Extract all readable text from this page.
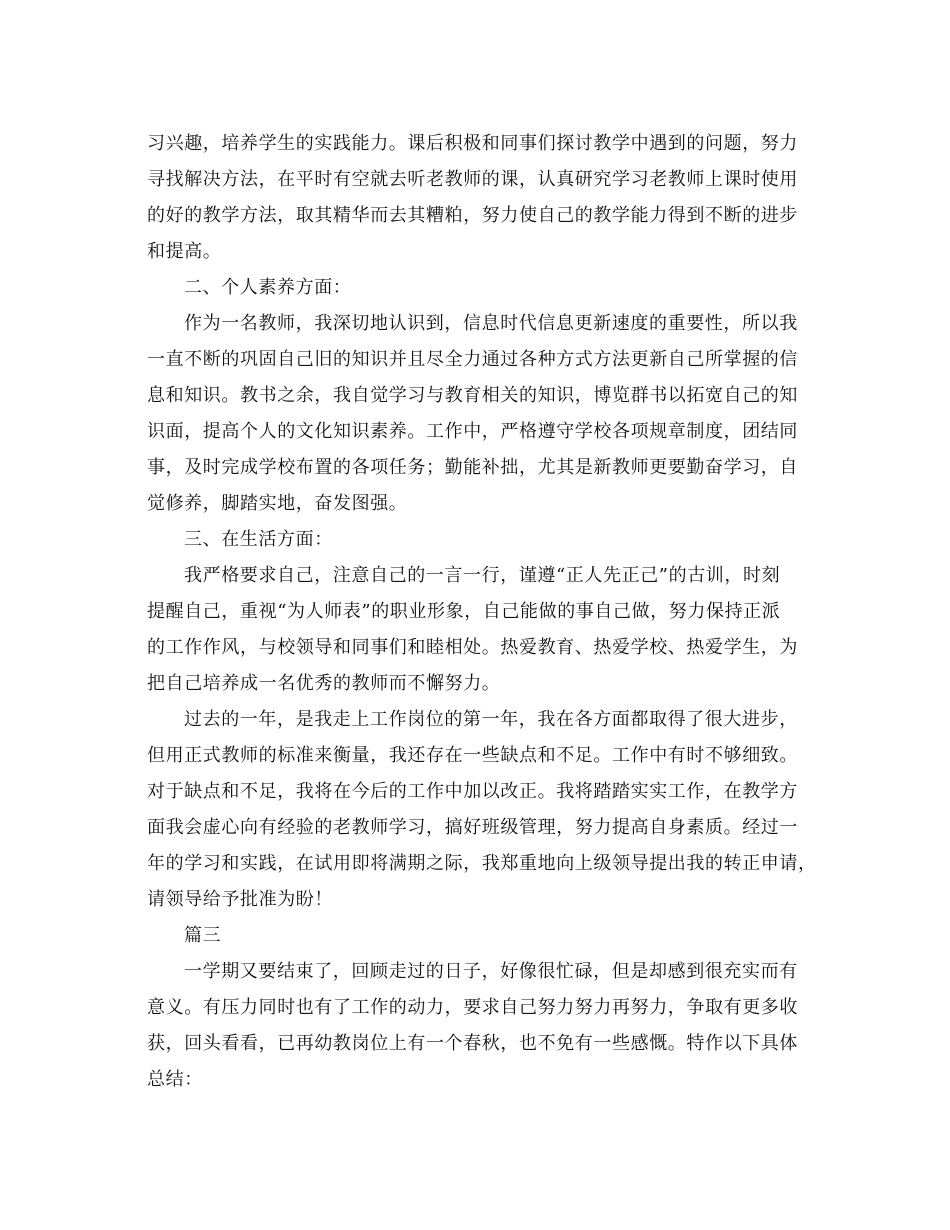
习兴趣，培养学生的实践能力。课后积极和同事们探讨教学中遇到的问题，努力
寻找解决方法，在平时有空就去听老教师的课，认真研究学习老教师上课时使用
的好的教学方法，取其精华而去其糟粕，努力使自己的教学能力得到不断的进步
和提高。
二、个人素养方面：
作为一名教师，我深切地认识到，信息时代信息更新速度的重要性，所以我
一直不断的巩固自己旧的知识并且尽全力通过各种方式方法更新自己所掌握的信
息和知识。教书之余，我自觉学习与教育相关的知识，博览群书以拓宽自己的知
识面，提高个人的文化知识素养。工作中，严格遵守学校各项规章制度，团结同
事，及时完成学校布置的各项任务；勤能补拙，尤其是新教师更要勤奋学习，自
觉修养，脚踏实地，奋发图强。
三、在生活方面：
我严格要求自己，注意自己的一言一行，谨遵“正人先正己”的古训，时刻
提醒自己，重视“为人师表”的职业形象，自己能做的事自己做，努力保持正派
的工作作风，与校领导和同事们和睦相处。热爱教育、热爱学校、热爱学生，为
把自己培养成一名优秀的教师而不懈努力。
过去的一年，是我走上工作岗位的第一年，我在各方面都取得了很大进步，
但用正式教师的标准来衡量，我还存在一些缺点和不足。工作中有时不够细致。
对于缺点和不足，我将在今后的工作中加以改正。我将踏踏实实工作，在教学方
面我会虚心向有经验的老教师学习，搞好班级管理，努力提高自身素质。经过一
年的学习和实践，在试用即将满期之际，我郑重地向上级领导提出我的转正申请，
请领导给予批准为盼！
篇三
一学期又要结束了，回顾走过的日子，好像很忙碌，但是却感到很充实而有
意义。有压力同时也有了工作的动力，要求自己努力努力再努力，争取有更多收
获，回头看看，已再幼教岗位上有一个春秋，也不免有一些感慨。特作以下具体
总结：
